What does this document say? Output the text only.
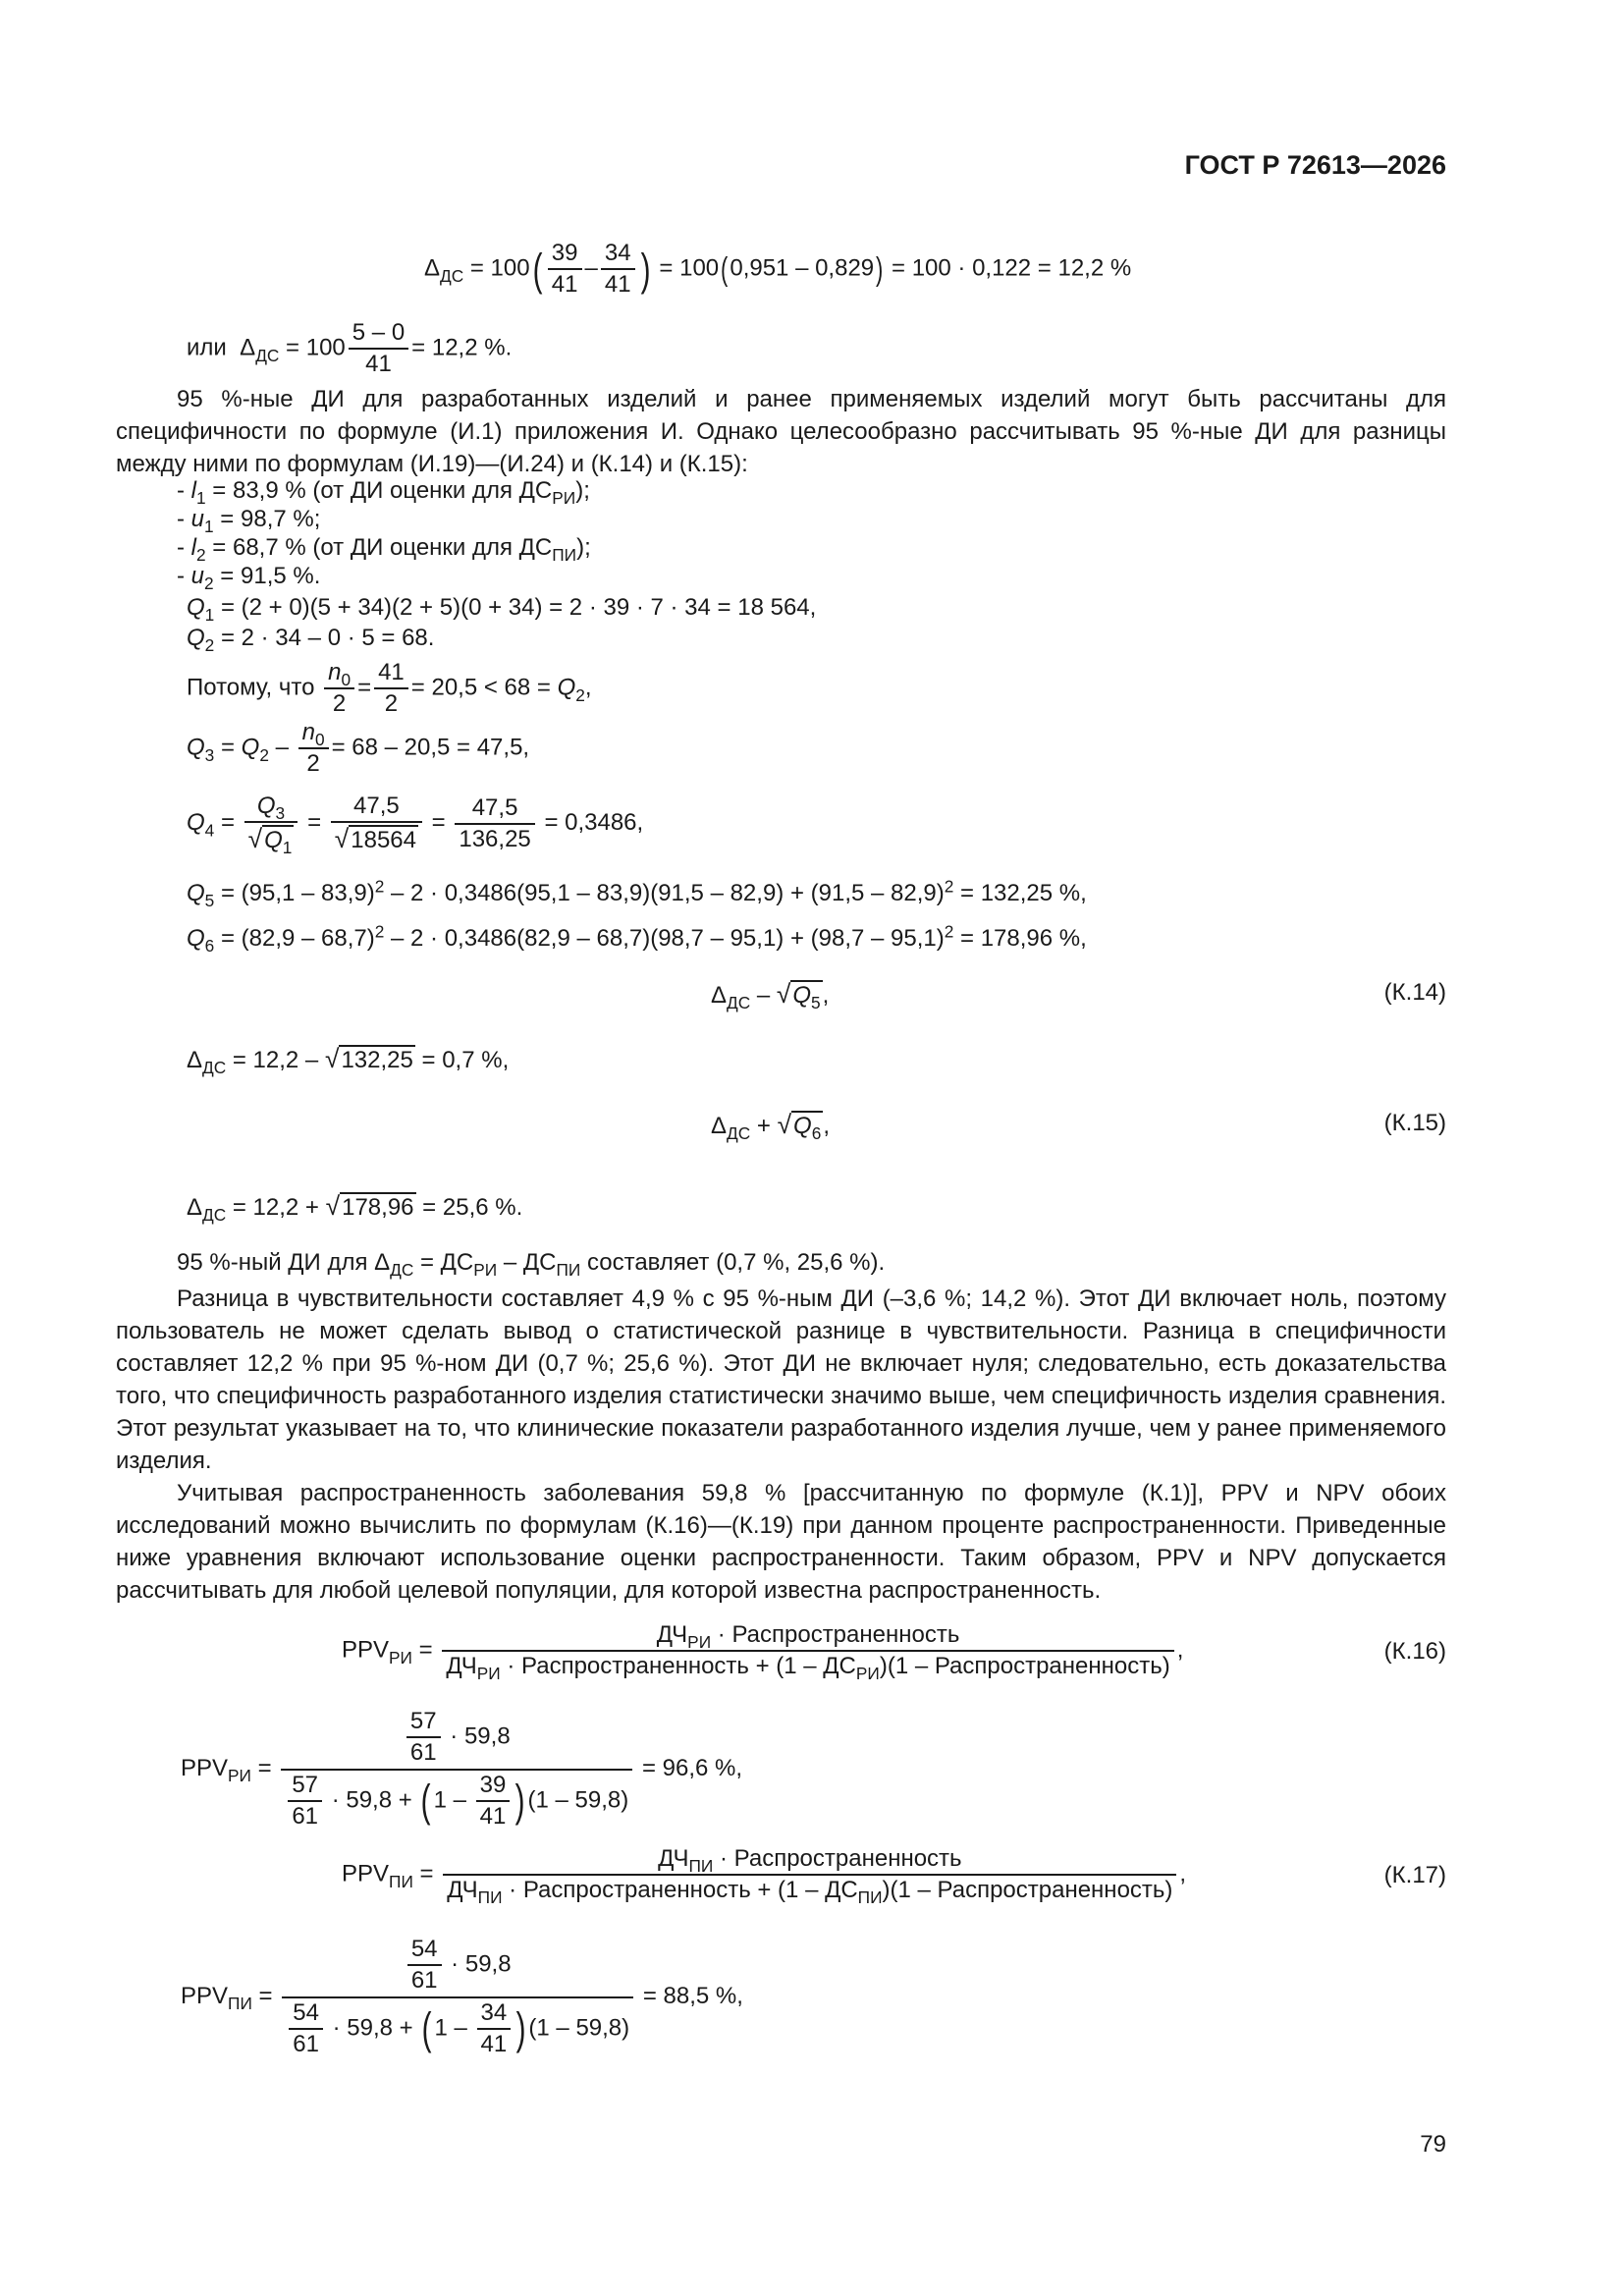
ГОСТ Р 72613—2026
$\Delta_{ДС} = 100( \frac{39}{41} - \frac{34}{41}$ ) = 100(0,951 – 0,829) = 100 · 0,122 = 12,2 %
или $\Delta_{ДС} = 100 \frac{5 - 0}{41} = 12,2$ %.
95 %-ные ДИ для разработанных изделий и ранее применяемых изделий могут быть рассчитаны для специфичности по формуле (И.1) приложения И. Однако целесообразно рассчитывать 95 %-ные ДИ для разницы между ними по формулам (И.19)—(И.24) и (К.14) и (К.15):
- $l_1 = 83,9$ % (от ДИ оценки для $ДС_{РИ}$);
- $u_1 = 98,7$ %;
- $l_2 = 68,7$ % (от ДИ оценки для $ДС_{ПИ}$);
- $u_2 = 91,5$ %.
$Q_1 = (2 + 0)(5 + 34)(2 + 5)(0 + 34) = 2 \cdot 39 \cdot 7 \cdot 34 = 18$ 564,
$Q_2 = 2 \cdot 34 - 0 \cdot 5 = 68$.
Потому, что $\frac{n_0}{2} = \frac{41}{2} = 20,5 < 68 = Q_2$,
$Q_3 = Q_2 - \frac{n_0}{2} = 68 - 20,5 = 47,5$,
$Q_4 = \frac{Q_3}{√Q_1} = \frac{47,5}{√18564} = \frac{47,5}{136,25} = 0,3486$,
$Q_5 = (95,1 - 83,9)^2 - 2 \cdot 0,3486(95,1 - 83,9)(91,5 - 82,9) + (91,5 - 82,9)^2 = 132,25$ %,
$Q_6 = (82,9 - 68,7)^2 - 2 \cdot 0,3486(82,9 - 68,7)(98,7 - 95,1) + (98,7 - 95,1)^2 = 178,96$ %,
$\Delta_{ДС} - √Q_5$,	(К.14)
$\Delta_{ДС} = 12,2 - √132,25 = 0,7$ %,
$\Delta_{ДС} + √Q_6$,	(К.15)
$\Delta_{ДС} = 12,2 + √178,96 = 25,6$ %.
95 %-ный ДИ для $\Delta_{ДС} = ДС_{РИ} - ДС_{ПИ}$ составляет (0,7 %, 25,6 %).
Разница в чувствительности составляет 4,9 % с 95 %-ным ДИ (–3,6 %; 14,2 %). Этот ДИ включает ноль, поэтому пользователь не может сделать вывод о статистической разнице в чувствительности. Разница в специфичности составляет 12,2 % при 95 %-ном ДИ (0,7 %; 25,6 %). Этот ДИ не включает нуля; следовательно, есть доказательства того, что специфичность разработанного изделия статистически значимо выше, чем специфичность изделия сравнения. Этот результат указывает на то, что клинические показатели разработанного изделия лучше, чем у ранее применяемого изделия.
Учитывая распространенность заболевания 59,8 % [рассчитанную по формуле (К.1)], PPV и NPV обоих исследований можно вычислить по формулам (К.16)—(К.19) при данном проценте распространенности. Приведенные ниже уравнения включают использование оценки распространенности. Таким образом, PPV и NPV допускается рассчитывать для любой целевой популяции, для которой известна распространенность.
$PPV_{РИ}$ =
$ДЧ_{РИ}$ · Распространенность
$ДЧ_{РИ}$ · Распространенность + $(1 - ДС_{РИ})(1$ – Распространенность)
,	(К.16)
$PPV_{РИ} = \frac{\frac{57}{61} \cdot 59,8}{\frac{57}{61} \cdot 59,8 + ( 1 - \frac{39}{41} ) (1 - 59,8)} = 96,6$ %,
$PPV_{ПИ}$ =
$ДЧ_{ПИ}$ · Распространенность
$ДЧ_{ПИ}$ · Распространенность + $(1 - ДС_{ПИ})(1$ – Распространенность)
,	(К.17)
$PPV_{ПИ} = \frac{\frac{54}{61} \cdot 59,8}{\frac{54}{61} \cdot 59,8 + ( 1 - \frac{34}{41} ) (1 - 59,8)} = 88,5$ %,
79
